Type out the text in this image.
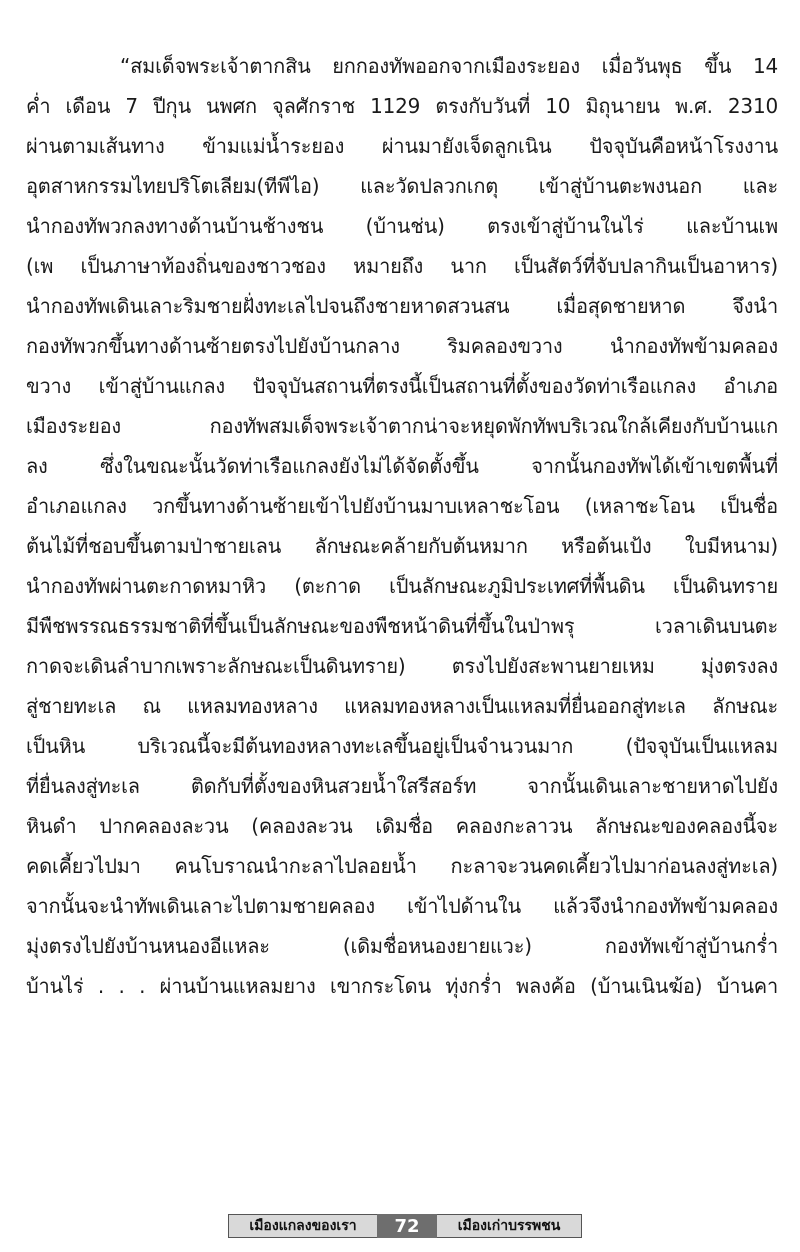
“สมเด็จพระเจ้าตากสิน ยกกองทัพออกจากเมืองระยอง เมื่อวันพุธ ขึ้น 14
ค่ำ เดือน 7 ปีกุน นพศก จุลศักราช 1129 ตรงกับวันที่ 10 มิถุนายน พ.ศ. 2310
ผ่านตามเส้นทาง ข้ามแม่น้ำระยอง ผ่านมายังเจ็ดลูกเนิน ปัจจุบันคือหน้าโรงงาน
อุตสาหกรรมไทยปริโตเลียม(ทีพีไอ) และวัดปลวกเกตุ เข้าสู่บ้านตะพงนอก และ
นำกองทัพวกลงทางด้านบ้านช้างชน (บ้านช่น) ตรงเข้าสู่บ้านในไร่ และบ้านเพ
(เพ เป็นภาษาท้องถิ่นของชาวชอง หมายถึง นาก เป็นสัตว์ที่จับปลากินเป็นอาหาร)
นำกองทัพเดินเลาะริมชายฝั่งทะเลไปจนถึงชายหาดสวนสน เมื่อสุดชายหาด จึงนำ
กองทัพวกขึ้นทางด้านซ้ายตรงไปยังบ้านกลาง ริมคลองขวาง นำกองทัพข้ามคลอง
ขวาง เข้าสู่บ้านแกลง ปัจจุบันสถานที่ตรงนี้เป็นสถานที่ตั้งของวัดท่าเรือแกลง อำเภอ
เมืองระยอง กองทัพสมเด็จพระเจ้าตากน่าจะหยุดพักทัพบริเวณใกล้เคียงกับบ้านแก
ลง ซึ่งในขณะนั้นวัดท่าเรือแกลงยังไม่ได้จัดตั้งขึ้น จากนั้นกองทัพได้เข้าเขตพื้นที่
อำเภอแกลง วกขึ้นทางด้านซ้ายเข้าไปยังบ้านมาบเหลาชะโอน (เหลาชะโอน เป็นชื่อ
ต้นไม้ที่ชอบขึ้นตามป่าชายเลน ลักษณะคล้ายกับต้นหมาก หรือต้นเป้ง ใบมีหนาม)
นำกองทัพผ่านตะกาดหมาหิว (ตะกาด เป็นลักษณะภูมิประเทศที่พื้นดิน เป็นดินทราย
มีพืชพรรณธรรมชาติที่ขึ้นเป็นลักษณะของพืชหน้าดินที่ขึ้นในป่าพรุ เวลาเดินบนตะ
กาดจะเดินลำบากเพราะลักษณะเป็นดินทราย) ตรงไปยังสะพานยายเหม มุ่งตรงลง
สู่ชายทะเล ณ แหลมทองหลาง แหลมทองหลางเป็นแหลมที่ยื่นออกสู่ทะเล ลักษณะ
เป็นหิน บริเวณนี้จะมีต้นทองหลางทะเลขึ้นอยู่เป็นจำนวนมาก (ปัจจุบันเป็นแหลม
ที่ยื่นลงสู่ทะเล ติดกับที่ตั้งของหินสวยน้ำใสรีสอร์ท จากนั้นเดินเลาะชายหาดไปยัง
หินดำ ปากคลองละวน (คลองละวน เดิมชื่อ คลองกะลาวน ลักษณะของคลองนี้จะ
คดเคี้ยวไปมา คนโบราณนำกะลาไปลอยน้ำ กะลาจะวนคดเคี้ยวไปมาก่อนลงสู่ทะเล)
จากนั้นจะนำทัพเดินเลาะไปตามชายคลอง เข้าไปด้านใน แล้วจึงนำกองทัพข้ามคลอง
มุ่งตรงไปยังบ้านหนองอีแหละ (เดิมชื่อหนองยายแวะ) กองทัพเข้าสู่บ้านกร่ำ
บ้านไร่ . . . ผ่านบ้านแหลมยาง เขากระโดน ทุ่งกร่ำ พลงค้อ (บ้านเนินฆ้อ) บ้านคา
เมืองแกลงของเรา	72	เมืองเก่าบรรพชน
